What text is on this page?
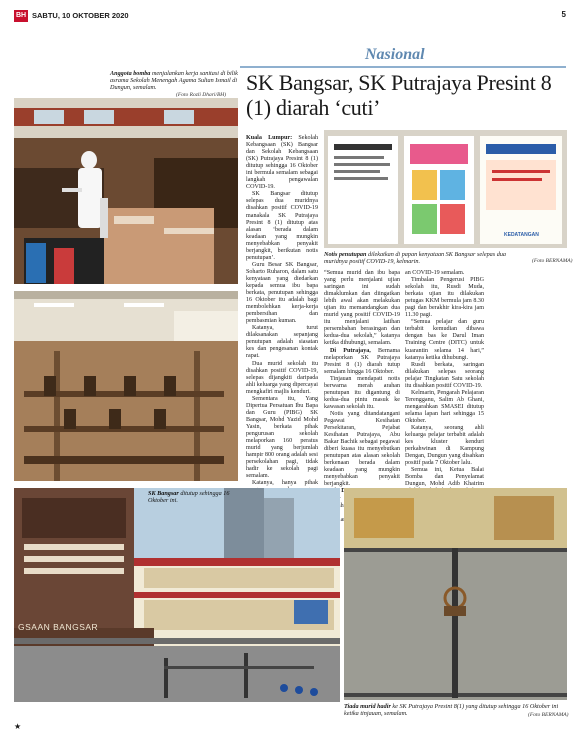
BH SABTU, 10 OKTOBER 2020	5
Nasional
Anggota bomba menjalankan kerja sanitasi di bilik asrama Sekolah Menengah Agama Sultan Ismail di Dungun, semalam.
(Foto Rozli Dhari/BH) SK Bangsar, SK Putrajaya Presint 8 (1) diarah ‘cuti’
KEDATANGAN
Notis penutupan dilekatkan di papan kenyataan SK Bangsar selepas dua muridnya positif COVID-19, kelmarin.	(Foto BERNAMA)

Kuala Lumpur: Sekolah Kebangsaan (SK) Bangsar dan Sekolah Kebangsaan (SK) Putrajaya Presint 8 (1) ditutup sehingga 16 Oktober ini bermula semalam sebagai langkah pengawalan COVID-19.

SK Bangsar ditutup selepas dua muridnya disahkan positif COVID-19 manakala SK Putrajaya Presint 8 (1) ditutup atas alasan ‘berada dalam keadaan yang mungkin menyebabkan penyakit berjangkit, berikutan notis penutupan’.

Guru Besar SK Bangsar, Soharto Ruharon, dalam satu kenyataan yang diedarkan kepada semua ibu bapa berkata, penutupan sehingga 16 Oktober itu adalah bagi membolehkan kerja-kerja pembersihan dan pembasmian kuman.

Katanya, turut dilaksanakan sepanjang penutupan adalah siasatan kes dan pengesanan kontak rapat.

Dua murid sekolah itu disahkan positif COVID-19, selepas dijangkiti daripada ahli keluarga yang dipercayai mengkafiri majlis kenduri.

Sementara itu, Yang Dipertua Persatuan Ibu Bapa dan Guru (PIBG) SK Bangsar, Mohd Yazid Mohd Yasin, berkata pihak pengurusan sekolah melaporkan 160 peratus murid yang berjumlah hampir 800 orang adalah sesi persekolahan pagi, tidak hadir ke sekolah pagi semalam.

Katanya, hanya pihak

“Semua murid dan ibu bapa yang perlu menjalani ujian saringan ini sudah dimaklumkan dan diingatkan lebih awal akan melakukan ujian itu memandangkan dua murid yang positif COVID-19 itu menjalani latihan persembahan berasingan dan kedua-dua sekolah,” katanya ketika dihubungi, semalam.

Di Putrajaya, Bernama melaporkan SK Putrajaya Presint 8 (1) diarah tutup semalam hingga 16 Oktober.

Tinjauan mendapati notis berwarna merah arahan penutupan itu digantung di kedua-dua pintu masuk ke kawasan sekolah itu.

Notis yang ditandatangani Pegawai Kesihatan Persekitaran, Pejabat Kesihatan Putrajaya, Abu Bakar Bachik sebagai pegawai diberi kuasa itu menyebutkan penutupan atas alasan sekolah berkenaan berada dalam keadaan yang mungkin menyebabkan penyakit berjangkit.

an COVID-19 semalam.

Timbalan Pengerusi PIBG sekolah itu, Rusdi Muda, berkata ujian itu dilakukan petugas KKM bermula jam 8.30 pagi dan berakhir kira-kira jam 11.30 pagi.

“Semua pelajar dan guru terbabit kemudian dibawa dengan bas ke Darul Iman Training Centre (DITC) untuk kuarantin selama 14 hari,” katanya ketika dihubungi.

Rusdi berkata, saringan dilakukan selepas seorang pelajar Tingkatan Satu sekolah itu disahkan positif COVID-19.

Kelmarin, Pengarah Pelajaran Terengganu, Salim Ab Ghani, mengarahkan SMASEI ditutup selama lapan hari sehingga 15 Oktober.

Katanya, seorang ahli keluarga pelajar terbabit adalah kes kluster kenduri perkahwinan di Kampung Dengan, Dungun yang disahkan positif pada 7 Oktober lalu.

Semua ini, Ketua Balai Bomba dan Penyelamat Dungun, Mohd Adib Khairim

GSAAN BANGSAR
SK Bangsar ditutup sehingga 16 Oktober ini.
Tiada murid hadir ke SK Putrajaya Presint 8(1) yang ditutup sehingga 16 Oktober ini ketika tinjauan, semalam.	(Foto BERNAMA)
★
